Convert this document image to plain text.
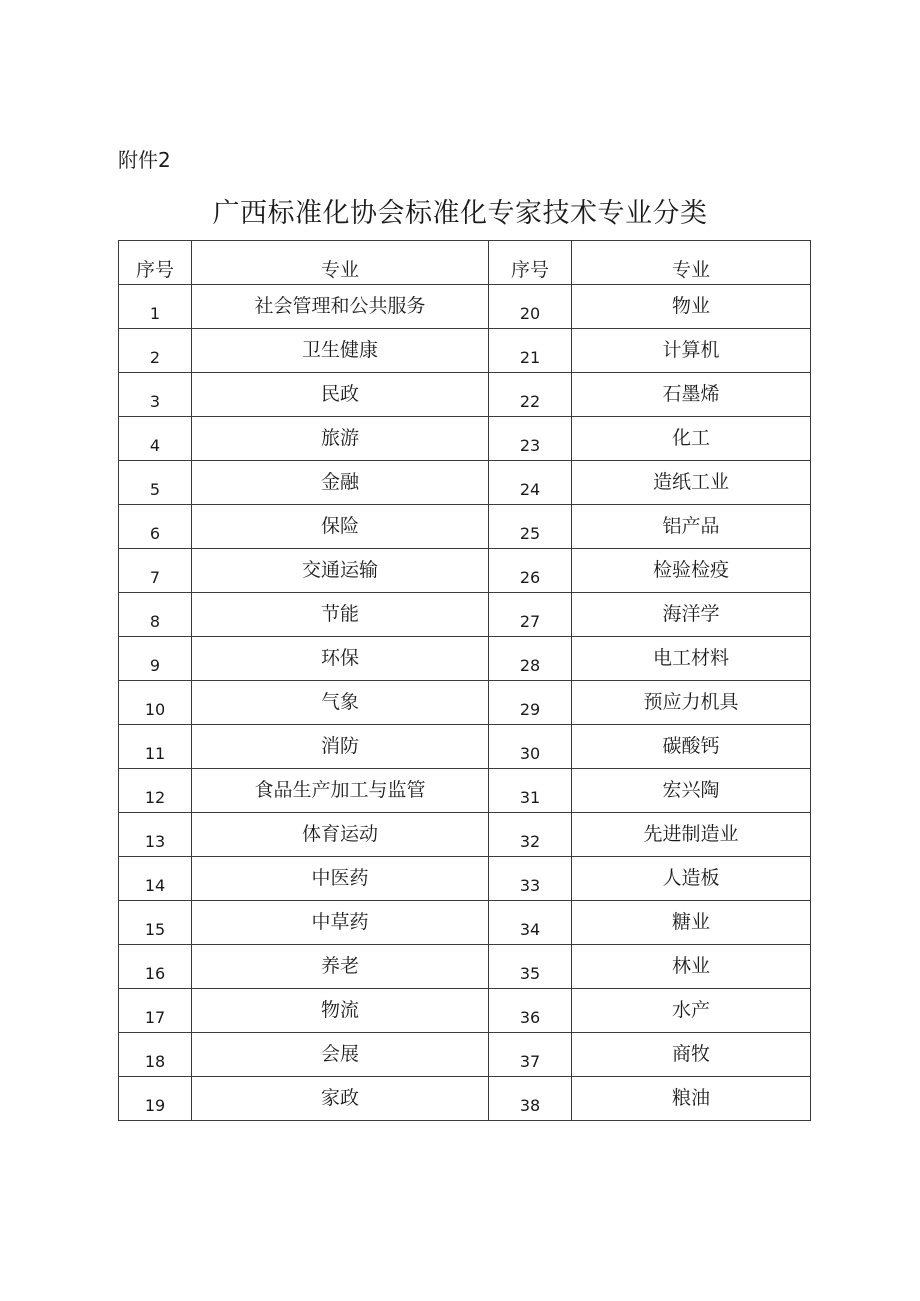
附件2
广西标准化协会标准化专家技术专业分类
序号	专业	序号	专业
1	社会管理和公共服务	20	物业
2	卫生健康	21	计算机
3	民政	22	石墨烯
4	旅游	23	化工
5	金融	24	造纸工业
6	保险	25	铝产品
7	交通运输	26	检验检疫
8	节能	27	海洋学
9	环保	28	电工材料
10	气象	29	预应力机具
11	消防	30	碳酸钙
12	食品生产加工与监管	31	宏兴陶
13	体育运动	32	先进制造业
14	中医药	33	人造板
15	中草药	34	糖业
16	养老	35	林业
17	物流	36	水产
18	会展	37	商牧
19	家政	38	粮油
